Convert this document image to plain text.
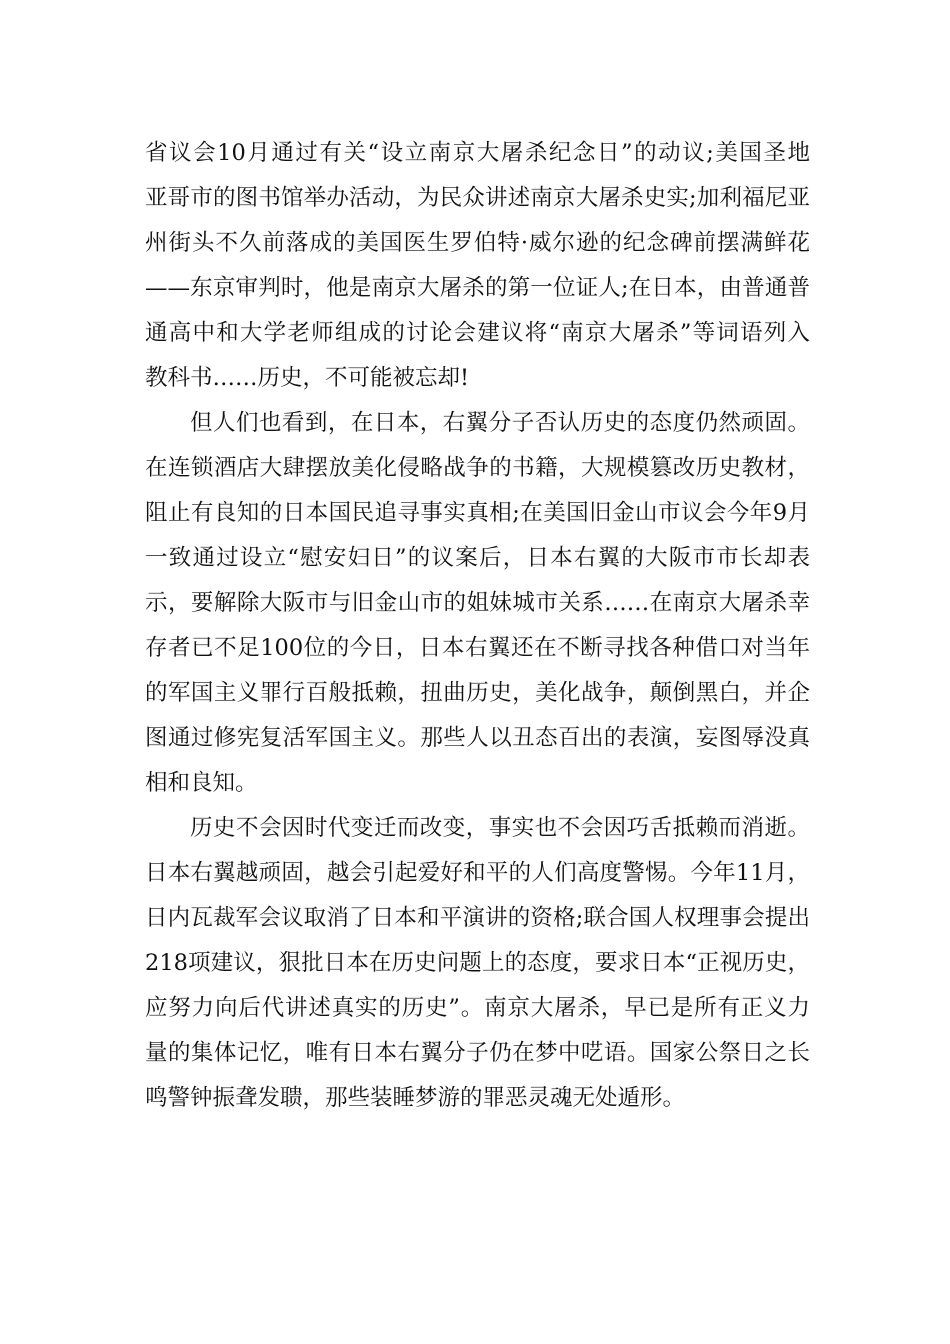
省议会10月通过有关“设立南京大屠杀纪念日”的动议;美国圣地
亚哥市的图书馆举办活动，为民众讲述南京大屠杀史实;加利福尼亚
州街头不久前落成的美国医生罗伯特·威尔逊的纪念碑前摆满鲜花
——东京审判时，他是南京大屠杀的第一位证人;在日本，由普通普
通高中和大学老师组成的讨论会建议将“南京大屠杀”等词语列入
教科书……历史，不可能被忘却!
但人们也看到，在日本，右翼分子否认历史的态度仍然顽固。
在连锁酒店大肆摆放美化侵略战争的书籍，大规模篡改历史教材，
阻止有良知的日本国民追寻事实真相;在美国旧金山市议会今年9月
一致通过设立“慰安妇日”的议案后，日本右翼的大阪市市长却表
示，要解除大阪市与旧金山市的姐妹城市关系……在南京大屠杀幸
存者已不足100位的今日，日本右翼还在不断寻找各种借口对当年
的军国主义罪行百般抵赖，扭曲历史，美化战争，颠倒黑白，并企
图通过修宪复活军国主义。那些人以丑态百出的表演，妄图辱没真
相和良知。
历史不会因时代变迁而改变，事实也不会因巧舌抵赖而消逝。
日本右翼越顽固，越会引起爱好和平的人们高度警惕。今年11月，
日内瓦裁军会议取消了日本和平演讲的资格;联合国人权理事会提出
218项建议，狠批日本在历史问题上的态度，要求日本“正视历史，
应努力向后代讲述真实的历史”。南京大屠杀，早已是所有正义力
量的集体记忆，唯有日本右翼分子仍在梦中呓语。国家公祭日之长
鸣警钟振聋发聩，那些装睡梦游的罪恶灵魂无处遁形。
